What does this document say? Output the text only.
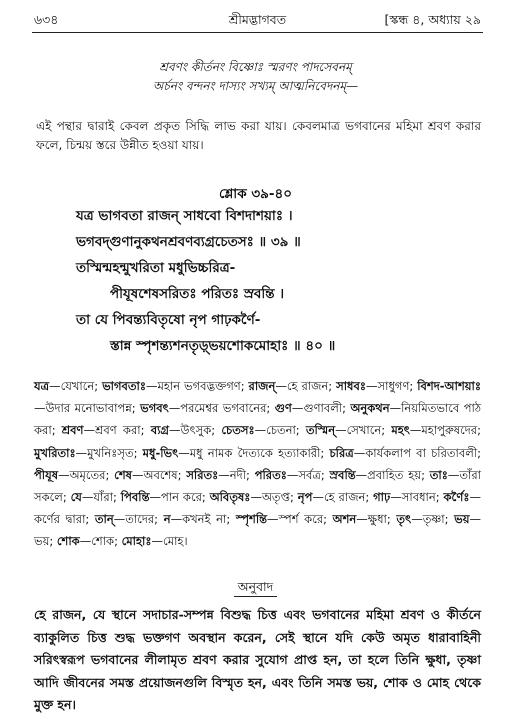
৬৩৪	শ্রীমদ্ভাগবত	[স্কন্ধ ৪, অধ্যায় ২৯
শ্রবণং কীর্তনং বিষ্ণোঃ স্মরণং পাদসেবনম্
অর্চনং বন্দনং দাস্যং সখ্যম্ আত্মনিবেদনম্—

এই পন্থার দ্বারাই কেবল প্রকৃত সিদ্ধি লাভ করা যায়। কেবলমাত্র ভগবানের মহিমা শ্রবণ করার ফলে, চিন্ময় স্তরে উন্নীত হওয়া যায়।

শ্লোক ৩৯-৪০
যত্র ভাগবতা রাজন্ সাধবো বিশদাশয়াঃ ।
ভগবদ্গুণানুকথনশ্রবণব্যগ্রচেতসঃ ॥ ৩৯ ॥
তস্মিন্মহন্মুখরিতা মধুভিচ্চরিত্র-
পীযূষশেষসরিতঃ পরিতঃ স্রবন্তি ।
তা যে পিবন্ত্যবিতৃষো নৃপ গাঢ়কর্ণৈ-
স্তান্ন স্পৃশন্ত্যশনতৃড়্ভয়শোকমোহাঃ ॥ ৪০ ॥

যত্র—যেখানে; ভাগবতাঃ—মহান ভগবদ্ভক্তগণ; রাজন্—হে রাজন; সাধবঃ—সাধুগণ; বিশদ-আশয়াঃ—উদার মনোভাবাপন্ন; ভগবৎ—পরমেশ্বর ভগবানের; গুণ—গুণাবলী; অনুকথন—নিয়মিতভাবে পাঠ করা; শ্রবণ—শ্রবণ করা; ব্যগ্র—উৎসুক; চেতসঃ—চেতনা; তস্মিন্—সেখানে; মহৎ—মহাপুরুষদের; মুখরিতাঃ—মুখনিঃসৃত; মধু-ভিৎ—মধু নামক দৈত্যকে হত্যাকারী; চরিত্র—কার্যকলাপ বা চরিতাবলী; পীযূষ—অমৃতের; শেষ—অবশেষ; সরিতঃ—নদী; পরিতঃ—সর্বত্র; স্রবন্তি—প্রবাহিত হয়; তাঃ—তাঁরা সকলে; যে—যাঁরা; পিবন্তি—পান করে; অবিতৃষঃ—অতৃপ্ত; নৃপ—হে রাজন; গাঢ়—সাবধান; কর্ণৈঃ—কর্ণের দ্বারা; তান্—তাদের; ন—কখনই না; স্পৃশন্তি—স্পর্শ করে; অশন—ক্ষুধা; তৃৎ—তৃষ্ণা; ভয়—ভয়; শোক—শোক; মোহাঃ—মোহ।

অনুবাদ

হে রাজন, যে স্থানে সদাচার-সম্পন্ন বিশুদ্ধ চিত্ত এবং ভগবানের মহিমা শ্রবণ ও কীর্তনে ব্যাকুলিত চিত্ত শুদ্ধ ভক্তগণ অবস্থান করেন, সেই স্থানে যদি কেউ অমৃত ধারাবাহিনী সরিৎস্বরূপ ভগবানের লীলামৃত শ্রবণ করার সুযোগ প্রাপ্ত হন, তা হলে তিনি ক্ষুধা, তৃষ্ণা আদি জীবনের সমস্ত প্রয়োজনগুলি বিস্মৃত হন, এবং তিনি সমস্ত ভয়, শোক ও মোহ থেকে মুক্ত হন।
